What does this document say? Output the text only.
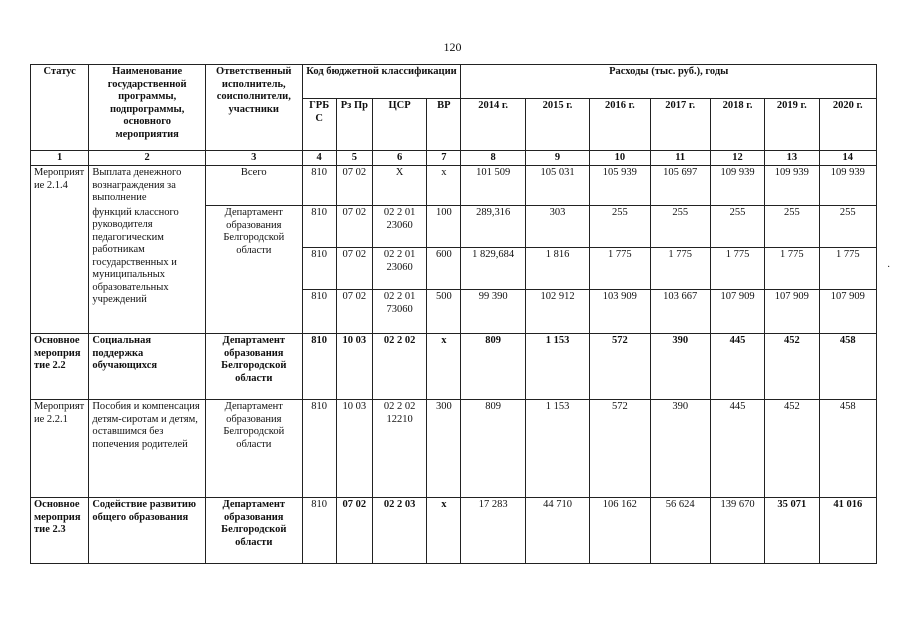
120
·
Статус	Наименование государственной программы, подпрограммы, основного мероприятия	Ответственный исполнитель, соисполнители, участники	Код бюджетной классификации				Расходы (тыс. руб.), годы						
			ГРБ С	Рз Пр	ЦСР	ВР	2014 г.	2015 г.	2016 г.	2017 г.	2018 г.	2019 г.	2020 г.
1	2	3	4	5	6	7	8	9	10	11	12	13	14
Мероприятие 2.1.4	Выплата денежного вознаграждения за выполнение	Всего	810	07 02	X	x	101 509	105 031	105 939	105 697	109 939	109 939	109 939
	функций классного руководителя педагогическим работникам государственных и муниципальных образовательных учреждений	Департамент образования Белгородской области	810	07 02	02 2 01 23060	100	289,316	303	255	255	255	255	255
			810	07 02	02 2 01 23060	600	1 829,684	1 816	1 775	1 775	1 775	1 775	1 775
			810	07 02	02 2 01 73060	500	99 390	102 912	103 909	103 667	107 909	107 909	107 909
Основное мероприятие 2.2	Социальная поддержка обучающихся	Департамент образования Белгородской области	810	10 03	02 2 02	x	809	1 153	572	390	445	452	458
Мероприятие 2.2.1	Пособия и компенсация детям-сиротам и детям, оставшимся без попечения родителей	Департамент образования Белгородской области	810	10 03	02 2 02 12210	300	809	1 153	572	390	445	452	458
Основное мероприятие 2.3	Содействие развитию общего образования	Департамент образования Белгородской области	810	07 02	02 2 03	x	17 283	44 710	106 162	56 624	139 670	35 071	41 016
